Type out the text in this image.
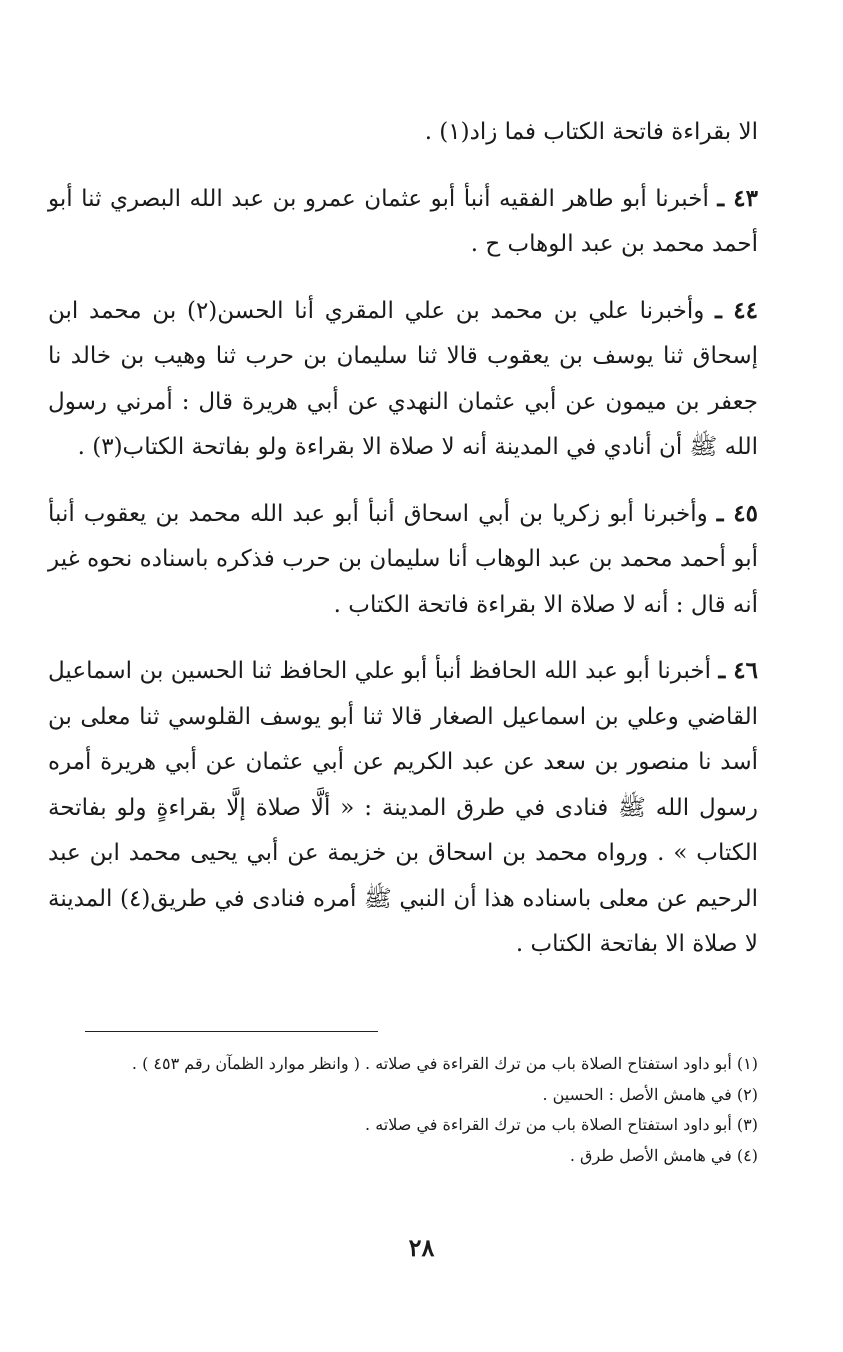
الا بقراءة فاتحة الكتاب فما زاد(١) .

٤٣ ـ أخبرنا أبو طاهر الفقيه أنبأ أبو عثمان عمرو بن عبد الله البصري ثنا أبو أحمد محمد بن عبد الوهاب ح .

٤٤ ـ وأخبرنا علي بن محمد بن علي المقري أنا الحسن(٢) بن محمد ابن إسحاق ثنا يوسف بن يعقوب قالا ثنا سليمان بن حرب ثنا وهيب بن خالد نا جعفر بن ميمون عن أبي عثمان النهدي عن أبي هريرة قال : أمرني رسول الله ﷺ أن أنادي في المدينة أنه لا صلاة الا بقراءة ولو بفاتحة الكتاب(٣) .

٤٥ ـ وأخبرنا أبو زكريا بن أبي اسحاق أنبأ أبو عبد الله محمد بن يعقوب أنبأ أبو أحمد محمد بن عبد الوهاب أنا سليمان بن حرب فذكره باسناده نحوه غير أنه قال : أنه لا صلاة الا بقراءة فاتحة الكتاب .

٤٦ ـ أخبرنا أبو عبد الله الحافظ أنبأ أبو علي الحافظ ثنا الحسين بن اسماعيل القاضي وعلي بن اسماعيل الصغار قالا ثنا أبو يوسف القلوسي ثنا معلى بن أسد نا منصور بن سعد عن عبد الكريم عن أبي عثمان عن أبي هريرة أمره رسول الله ﷺ فنادى في طرق المدينة : « ألَّا صلاة إلَّا بقراءةٍ ولو بفاتحة الكتاب » . ورواه محمد بن اسحاق بن خزيمة عن أبي يحيى محمد ابن عبد الرحيم عن معلى باسناده هذا أن النبي ﷺ أمره فنادى في طريق(٤) المدينة لا صلاة الا بفاتحة الكتاب .

(١) أبو داود استفتاح الصلاة باب من ترك القراءة في صلاته . ( وانظر موارد الظمآن رقم ٤٥٣ ) .

(٢) في هامش الأصل : الحسين .

(٣) أبو داود استفتاح الصلاة باب من ترك القراءة في صلاته .

(٤) في هامش الأصل طرق .

٢٨
